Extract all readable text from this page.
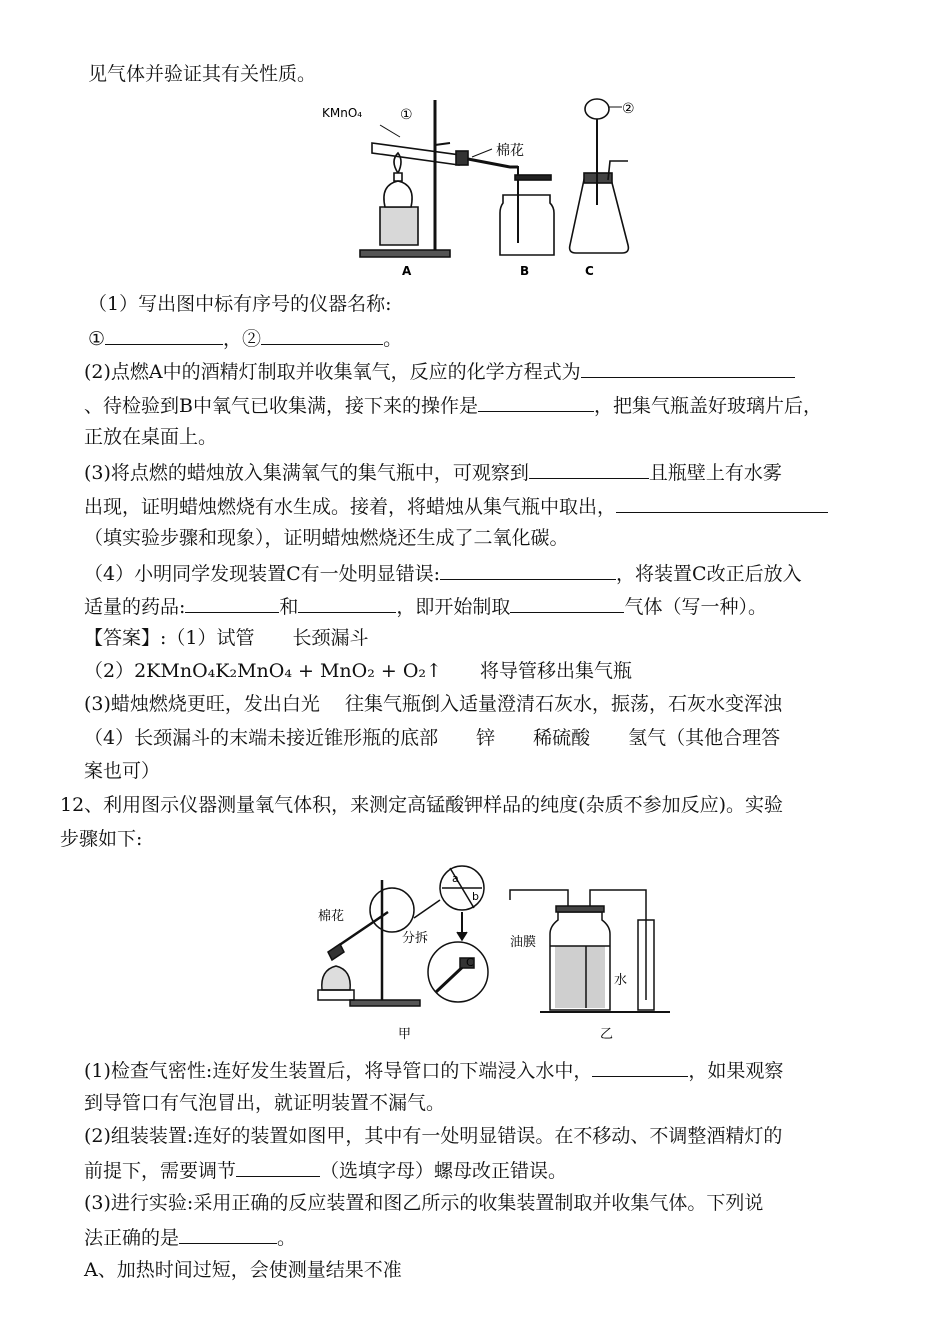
见气体并验证其有关性质。
KMnO₄	①	②
棉花
A	B	C
（1）写出图中标有序号的仪器名称:
①	，②	。
(2)点燃A中的酒精灯制取并收集氧气，反应的化学方程式为
、待检验到B中氧气已收集满，接下来的操作是	，把集气瓶盖好玻璃片后，
正放在桌面上。
(3)将点燃的蜡烛放入集满氧气的集气瓶中，可观察到	且瓶壁上有水雾
出现，证明蜡烛燃烧有水生成。接着，将蜡烛从集气瓶中取出，
（填实验步骤和现象），证明蜡烛燃烧还生成了二氧化碳。
（4）小明同学发现装置C有一处明显错误:	，将装置C改正后放入
适量的药品:	和	，即开始制取	气体（写一种）。
【答案】:（1）试管　　长颈漏斗
（2）2KMnO₄K₂MnO₄ + MnO₂ + O₂↑　　将导管移出集气瓶
(3)蜡烛燃烧更旺，发出白光　 往集气瓶倒入适量澄清石灰水，振荡，石灰水变浑浊
（4）长颈漏斗的末端未接近锥形瓶的底部　　锌　　稀硫酸　　氢气（其他合理答
案也可）
12、利用图示仪器测量氧气体积，来测定高锰酸钾样品的纯度(杂质不参加反应)。实验
步骤如下:
棉花
分拆
a
b
C
油膜
水
甲	乙
(1)检查气密性:连好发生装置后，将导管口的下端浸入水中，	，如果观察
到导管口有气泡冒出，就证明装置不漏气。
(2)组装装置:连好的装置如图甲，其中有一处明显错误。在不移动、不调整酒精灯的
前提下，需要调节	（选填字母）螺母改正错误。
(3)进行实验:采用正确的反应装置和图乙所示的收集装置制取并收集气体。下列说
法正确的是	。
A、加热时间过短，会使测量结果不准
